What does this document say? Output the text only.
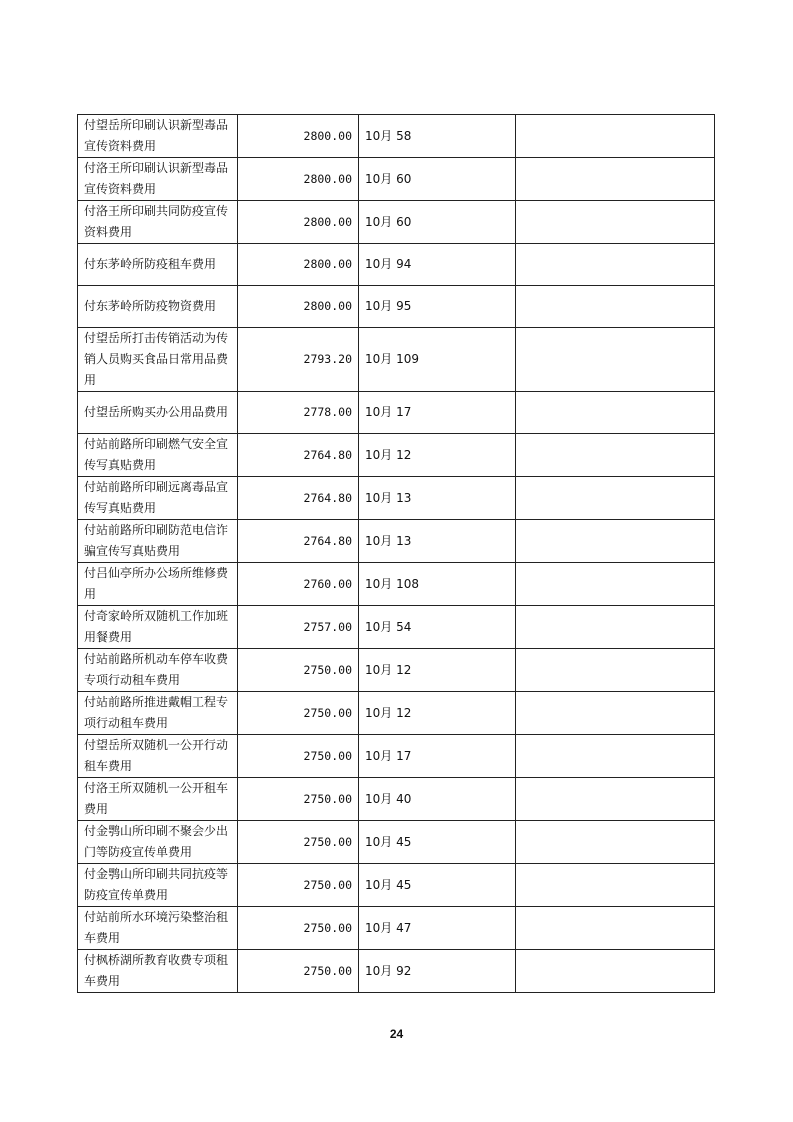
付望岳所印刷认识新型毒品宣传资料费用	2800.00	10月 58	
付洛王所印刷认识新型毒品宣传资料费用	2800.00	10月 60	
付洛王所印刷共同防疫宣传资料费用	2800.00	10月 60	
付东茅岭所防疫租车费用	2800.00	10月 94	
付东茅岭所防疫物资费用	2800.00	10月 95	
付望岳所打击传销活动为传销人员购买食品日常用品费用	2793.20	10月 109	
付望岳所购买办公用品费用	2778.00	10月 17	
付站前路所印刷燃气安全宣传写真贴费用	2764.80	10月 12	
付站前路所印刷远离毒品宣传写真贴费用	2764.80	10月 13	
付站前路所印刷防范电信诈骗宣传写真贴费用	2764.80	10月 13	
付吕仙亭所办公场所维修费用	2760.00	10月 108	
付奇家岭所双随机工作加班用餐费用	2757.00	10月 54	
付站前路所机动车停车收费专项行动租车费用	2750.00	10月 12	
付站前路所推进戴帽工程专项行动租车费用	2750.00	10月 12	
付望岳所双随机一公开行动租车费用	2750.00	10月 17	
付洛王所双随机一公开租车费用	2750.00	10月 40	
付金鹗山所印刷不聚会少出门等防疫宣传单费用	2750.00	10月 45	
付金鹗山所印刷共同抗疫等防疫宣传单费用	2750.00	10月 45	
付站前所水环境污染整治租车费用	2750.00	10月 47	
付枫桥湖所教育收费专项租车费用	2750.00	10月 92	
24
